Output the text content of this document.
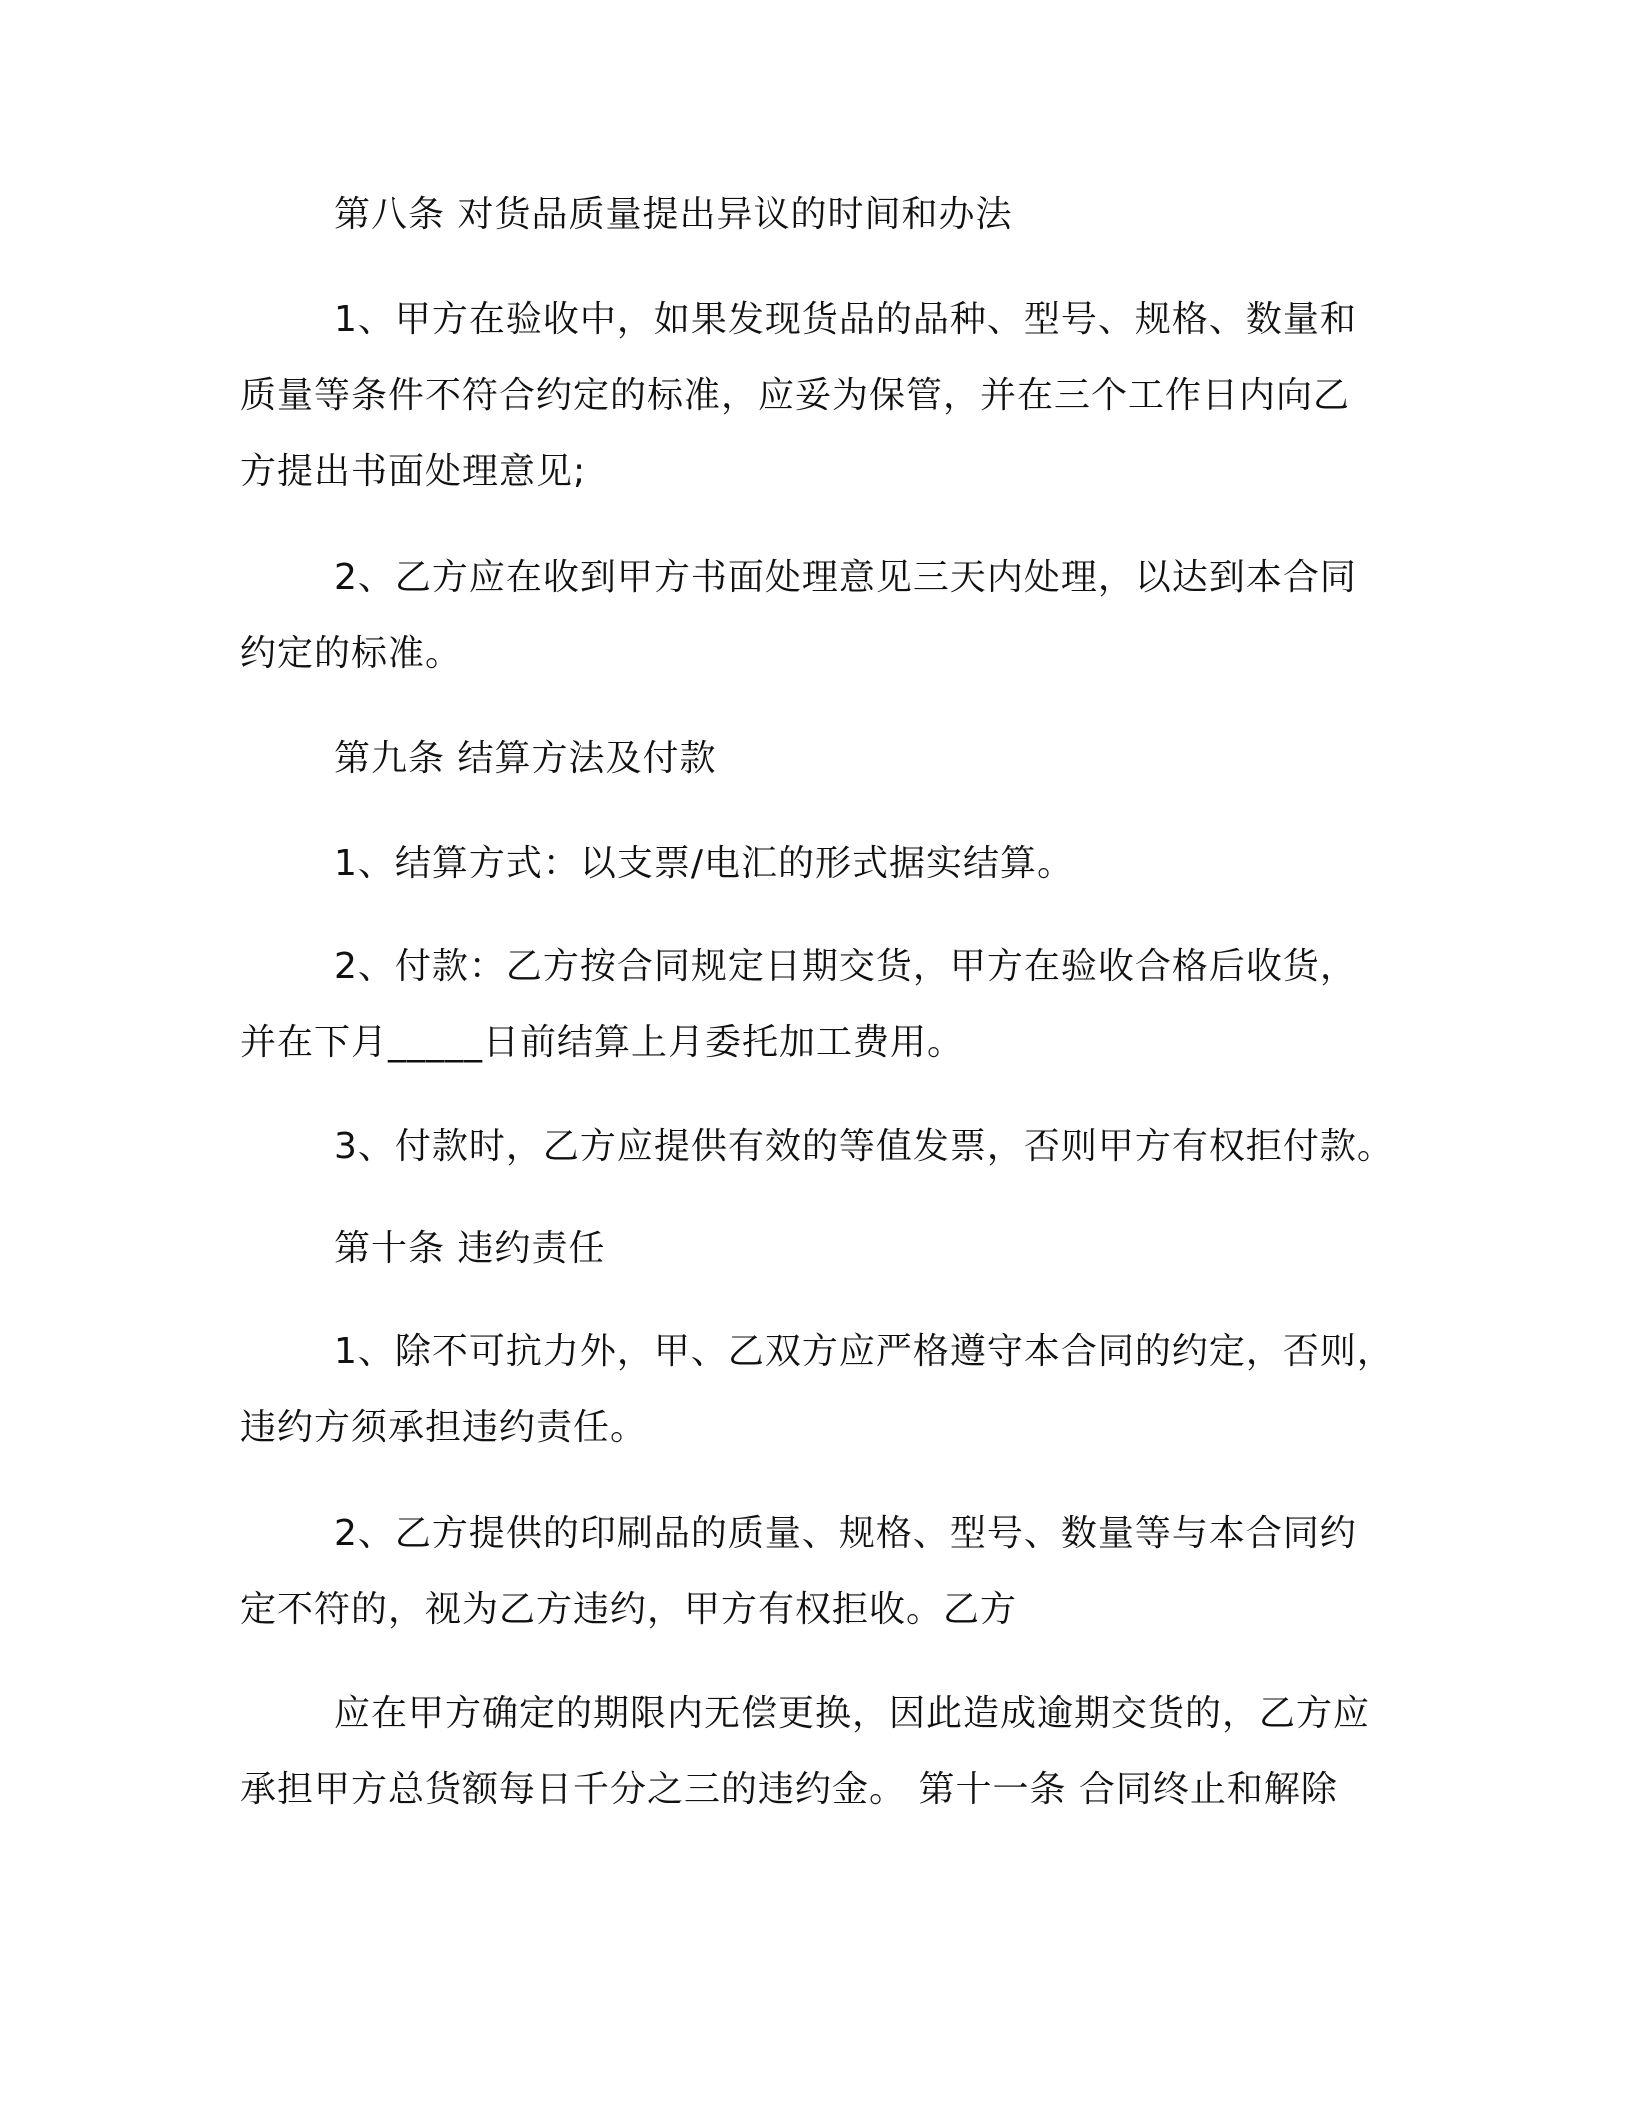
第八条 对货品质量提出异议的时间和办法
1、甲方在验收中，如果发现货品的品种、型号、规格、数量和
质量等条件不符合约定的标准，应妥为保管，并在三个工作日内向乙
方提出书面处理意见;
2、乙方应在收到甲方书面处理意见三天内处理，以达到本合同
约定的标准。
第九条 结算方法及付款
1、结算方式：以支票/电汇的形式据实结算。
2、付款：乙方按合同规定日期交货，甲方在验收合格后收货，
并在下月_____日前结算上月委托加工费用。
3、付款时，乙方应提供有效的等值发票，否则甲方有权拒付款。
第十条 违约责任
1、除不可抗力外，甲、乙双方应严格遵守本合同的约定，否则，
违约方须承担违约责任。
2、乙方提供的印刷品的质量、规格、型号、数量等与本合同约
定不符的，视为乙方违约，甲方有权拒收。乙方
应在甲方确定的期限内无偿更换，因此造成逾期交货的，乙方应
承担甲方总货额每日千分之三的违约金。 第十一条 合同终止和解除
